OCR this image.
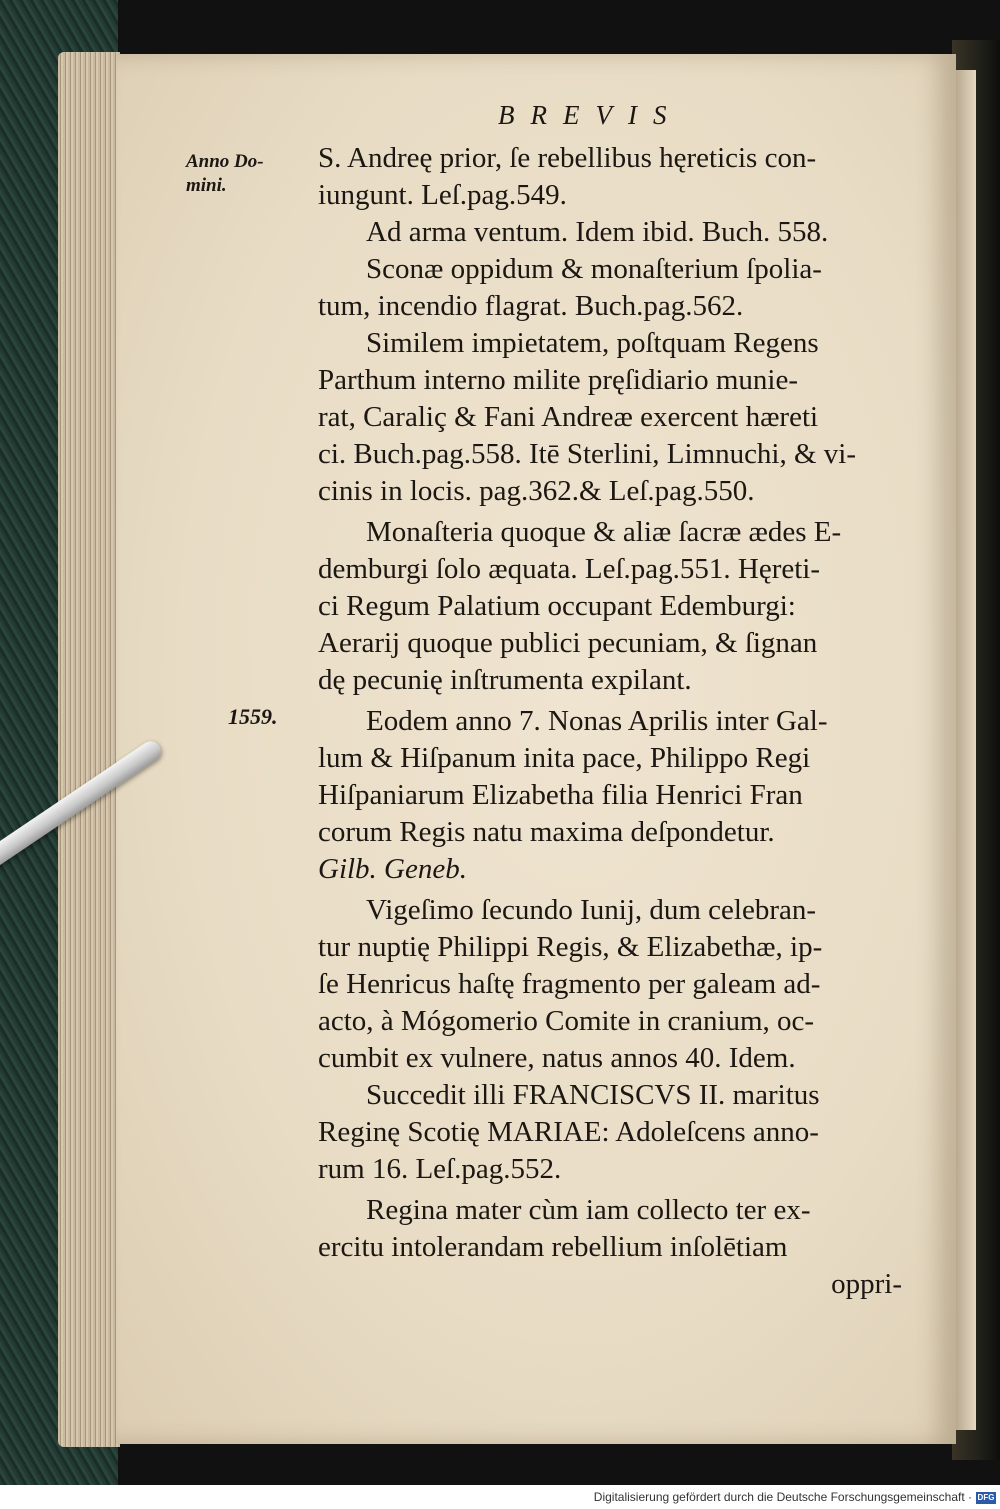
BREVIS
Anno Do-
mini.
1559.
S. Andreę prior, ſe rebellibus hęreticis con-
iungunt. Leſ.pag.549.
Ad arma ventum. Idem ibid. Buch. 558.
Sconæ oppidum & monaſterium ſpolia-
tum, incendio flagrat. Buch.pag.562.
Similem impietatem, poſtquam Regens
Parthum interno milite pręſidiario munie-
rat, Caraliç & Fani Andreæ exercent hæreti
ci. Buch.pag.558. Itē Sterlini, Limnuchi, & vi-
cinis in locis. pag.362.& Leſ.pag.550.
Monaſteria quoque & aliæ ſacræ ædes E-
demburgi ſolo æquata. Leſ.pag.551. Hęreti-
ci Regum Palatium occupant Edemburgi:
Aerarij quoque publici pecuniam, & ſignan
dę pecunię inſtrumenta expilant.
Eodem anno 7. Nonas Aprilis inter Gal-
lum & Hiſpanum inita pace, Philippo Regi
Hiſpaniarum Elizabetha filia Henrici Fran
corum Regis natu maxima deſpondetur.
Gilb. Geneb.
Vigeſimo ſecundo Iunij, dum celebran-
tur nuptię Philippi Regis, & Elizabethæ, ip-
ſe Henricus haſtę fragmento per galeam ad-
acto, à Mógomerio Comite in cranium, oc-
cumbit ex vulnere, natus annos 40. Idem.
Succedit illi FRANCISCVS II. maritus
Reginę Scotię MARIAE: Adoleſcens anno-
rum 16. Leſ.pag.552.
Regina mater cùm iam collecto ter ex-
ercitu intolerandam rebellium inſolētiam
oppri-
Digitalisierung gefördert durch die Deutsche Forschungsgemeinschaft · DFG
